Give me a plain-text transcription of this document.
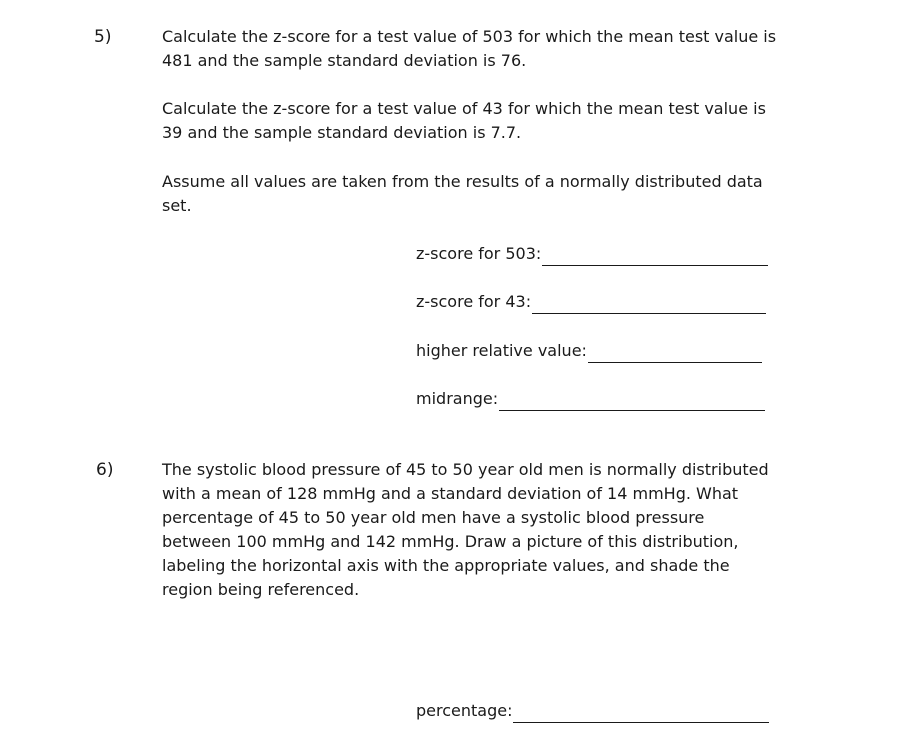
5)	Calculate the z-score for a test value of 503 for which the mean test value is
481 and the sample standard deviation is 76.
Calculate the z-score for a test value of 43 for which the mean test value is
39 and the sample standard deviation is 7.7.
Assume all values are taken from the results of a normally distributed data
set.
z-score for 503:
z-score for 43:
higher relative value:
midrange:
6)	The systolic blood pressure of 45 to 50 year old men is normally distributed
with a mean of 128 mmHg and a standard deviation of 14 mmHg. What
percentage of 45 to 50 year old men have a systolic blood pressure
between 100 mmHg and 142 mmHg. Draw a picture of this distribution,
labeling the horizontal axis with the appropriate values, and shade the
region being referenced.
percentage:
